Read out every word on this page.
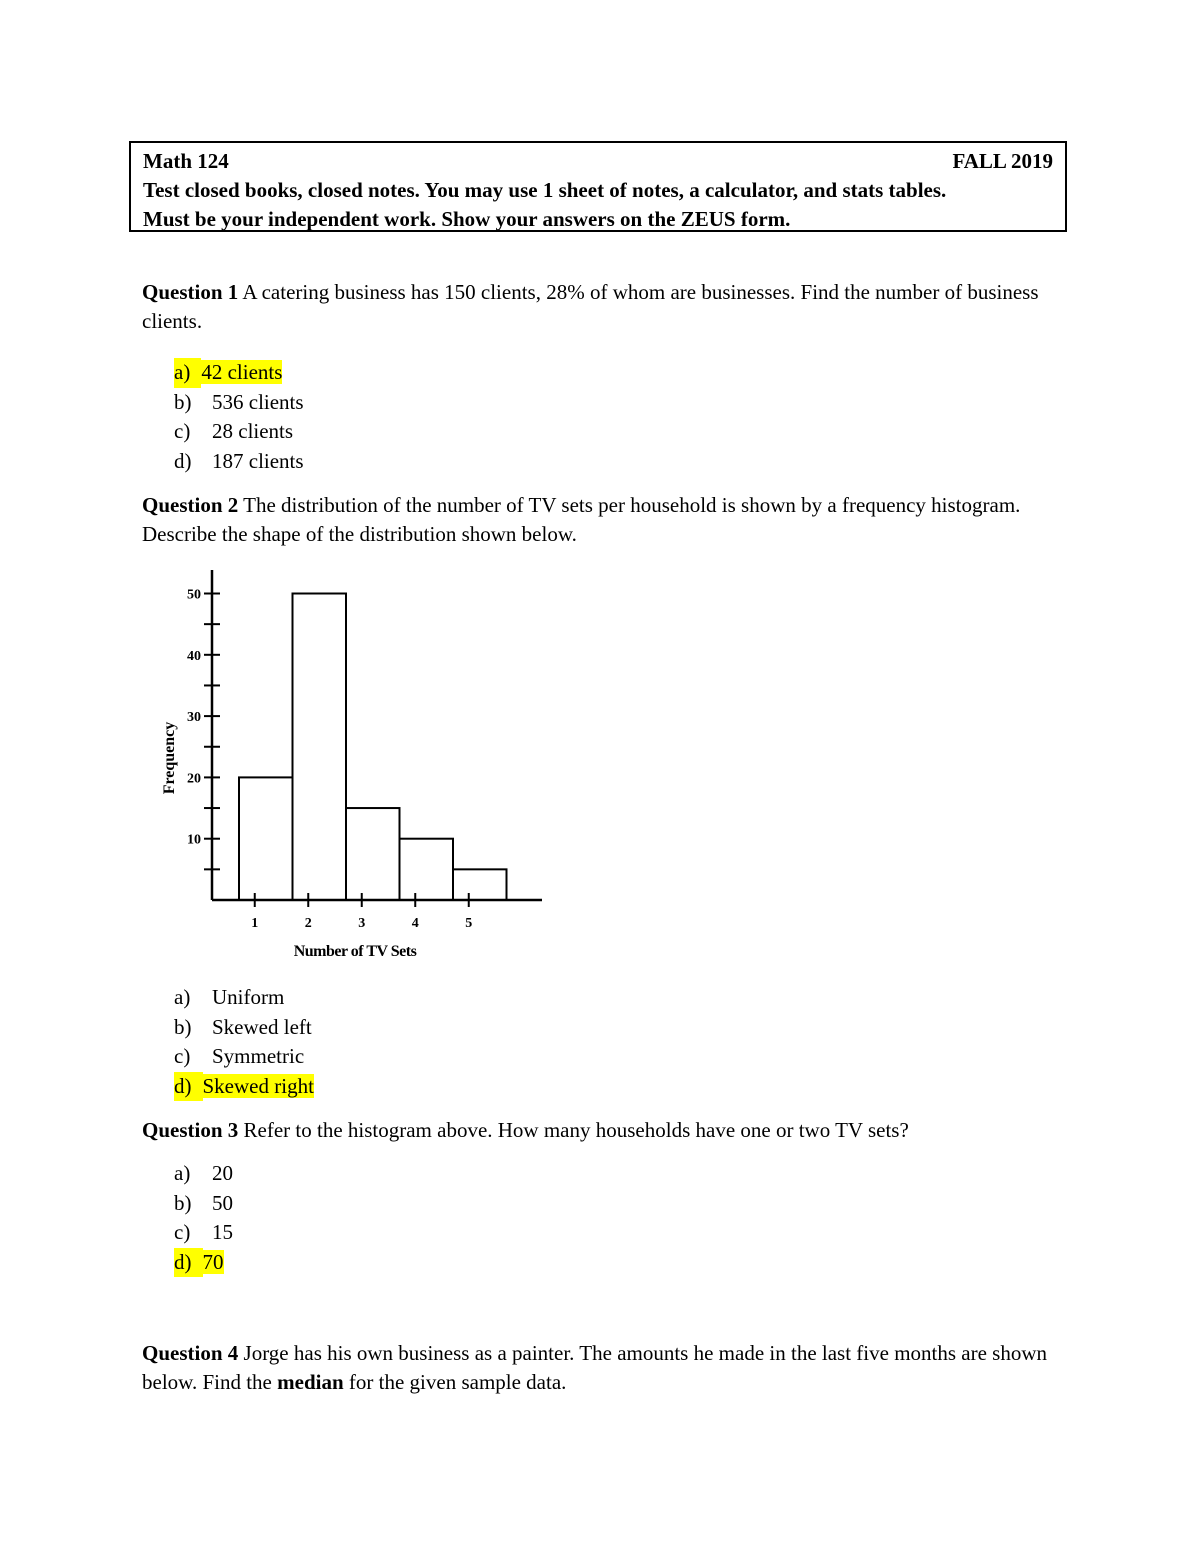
Math 124	FALL 2019
Test closed books, closed notes. You may use 1 sheet of notes, a calculator, and stats tables.
Must be your independent work. Show your answers on the ZEUS form.
Question 1 A catering business has 150 clients, 28% of whom are businesses. Find the number of business clients.
a) 42 clients
b) 536 clients
c) 28 clients
d) 187 clients
Question 2 The distribution of the number of TV sets per household is shown by a frequency histogram. Describe the shape of the distribution shown below.
10
20
30
40
50
1	2	3	4	5
Number of TV Sets
Frequency
a) Uniform
b) Skewed left
c) Symmetric
d) Skewed right
Question 3 Refer to the histogram above. How many households have one or two TV sets?
a) 20
b) 50
c) 15
d) 70
Question 4 Jorge has his own business as a painter. The amounts he made in the last five months are shown below. Find the median for the given sample data.
